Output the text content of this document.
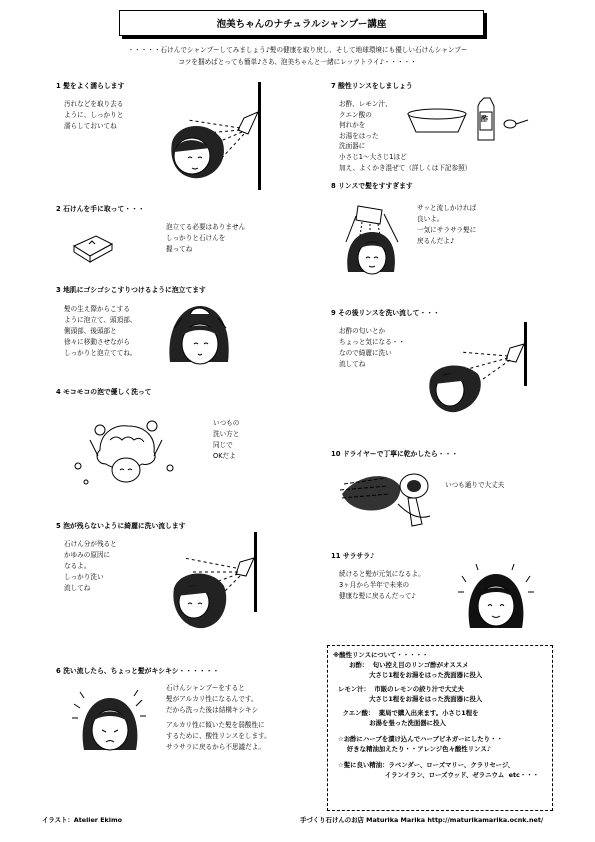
泡美ちゃんのナチュラルシャンプー講座
・・・・・石けんでシャンプーしてみましょう♪髪の健康を取り戻し、そして地球環境にも優しい石けんシャンプー
コツを掴めばとっても簡単♪さあ、泡美ちゃんと一緒にレッツトライ♪・・・・・
1 髪をよく濡らします
汚れなどを取り去る
ように、しっかりと
濡らしておいてね
2 石けんを手に取って・・・
泡立てる必要はありません
しっかりと石けんを
握ってね
3 地肌にゴシゴシこすりつけるように泡立てます
髪の生え際からこする
ように泡立て、頭頂部、
側頭部、後頭部と
徐々に移動させながら
しっかりと泡立ててね。
4 モコモコの泡で優しく洗って
いつもの
洗い方と
同じで
OKだよ
5 泡が残らないように綺麗に洗い流します
石けん分が残ると
かゆみの原因に
なるよ。
しっかり洗い
流してね
6 洗い流したら、ちょっと髪がキシキシ・・・・・・
石けんシャンプーをすると
髪がアルカリ性になるんです。
だから洗った後は結構キシキシ
アルカリ性に傾いた髪を弱酸性に
するために、酸性リンスをします。
サラサラに戻るから不思議だよ。
7 酸性リンスをしましょう
お酢、レモン汁、
クエン酸の
何れかを
お湯をはった
洗面器に
小さじ1～大さじ1ほど
加え、よくかき混ぜて（詳しくは下記参照）
酢
8 リンスで髪をすすぎます
サッと流しかければ
良いよ。
一気にサラサラ髪に
戻るんだよ♪
9 その後リンスを洗い流して・・・
お酢の匂いとか
ちょっと気になる・・
なので綺麗に洗い
流してね
10 ドライヤーで丁寧に乾かしたら・・・
いつも通りで大丈夫
11 サラサラ♪
続けると髪が元気になるよ。
3ヶ月から半年で未来の
健康な髪に戻るんだって♪
※酸性リンスについて・・・・・
お酢：  匂い控え目のリンゴ酢がオススメ
大さじ1程をお湯をはった洗面器に投入
レモン汁：  市販のレモンの絞り汁で大丈夫
大さじ1程をお湯をはった洗面器に投入
クエン酸：  薬局で購入出来ます。小さじ1程を
お湯を張った洗面器に投入
☆お酢にハーブを漬け込んでハーブビネガーにしたり・・
好きな精油加えたり・・アレンジ色々酸性リンス♪
☆髪に良い精油：ラベンダー、ローズマリー、クラリセージ、
イランイラン、ローズウッド、ゼラニウム  etc・・・
イラスト：Atelier Ekimo	手づくり石けんのお店 Maturika Marika http://maturikamarika.ocnk.net/
